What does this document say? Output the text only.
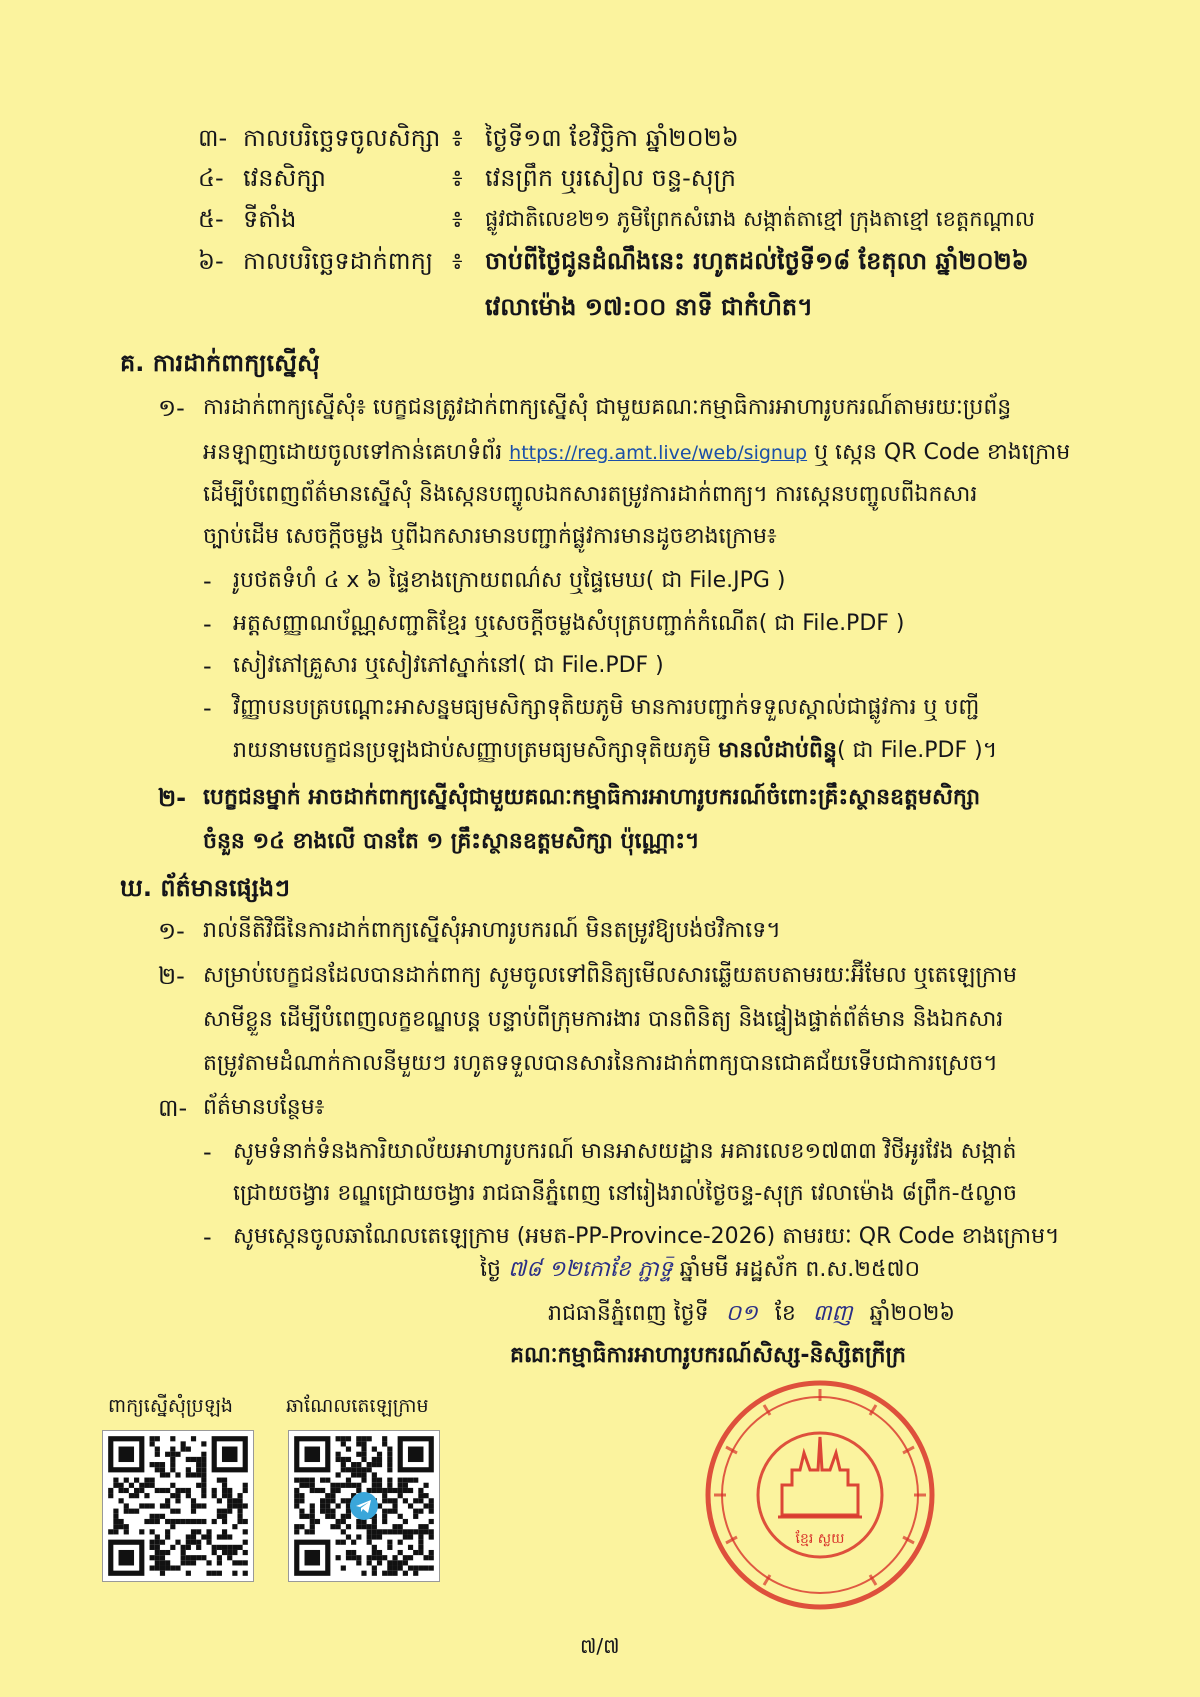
៣- កាលបរិច្ឆេទចូលសិក្សា ៖ ថ្ងៃទី១៣ ខែវិច្ឆិកា ឆ្នាំ២០២៦
៤- វេនសិក្សា	៖ វេនព្រឹក ឬរសៀល ចន្ទ-សុក្រ
៥- ទីតាំង	៖ ផ្លូវជាតិលេខ២១ ភូមិព្រែកសំរោង សង្កាត់តាខ្មៅ ក្រុងតាខ្មៅ ខេត្តកណ្ដាល
៦- កាលបរិច្ឆេទដាក់ពាក្យ ៖ ចាប់ពីថ្ងៃជូនដំណឹងនេះ រហូតដល់ថ្ងៃទី១៨ ខែតុលា ឆ្នាំ២០២៦
វេលាម៉ោង ១៧:០០ នាទី ជាកំហិត។
គ. ការដាក់ពាក្យស្នើសុំ
១- ការដាក់ពាក្យស្នើសុំ៖ បេក្ខជនត្រូវដាក់ពាក្យស្នើសុំ ជាមួយគណៈកម្មាធិការអាហារូបករណ៍តាមរយៈប្រព័ន្ធ
អនឡាញដោយចូលទៅកាន់គេហទំព័រ https://reg.amt.live/web/signup ឬ ស្កេន QR Code ខាងក្រោម
ដើម្បីបំពេញព័ត៌មានស្នើសុំ និងស្កេនបញ្ចូលឯកសារតម្រូវការដាក់ពាក្យ។ ការស្កេនបញ្ចូលពីឯកសារ
ច្បាប់ដើម សេចក្ដីចម្លង ឬពីឯកសារមានបញ្ជាក់ផ្លូវការមានដូចខាងក្រោម៖
- រូបថតទំហំ ៤ x ៦ ផ្ទៃខាងក្រោយពណ៌ស ឬផ្ទៃមេឃ( ជា File.JPG )
- អត្តសញ្ញាណប័ណ្ណសញ្ជាតិខ្មែរ ឬសេចក្ដីចម្លងសំបុត្របញ្ជាក់កំណើត( ជា File.PDF )
- សៀវភៅគ្រួសារ ឬសៀវភៅស្នាក់នៅ( ជា File.PDF )
- វិញ្ញាបនបត្របណ្ដោះអាសន្នមធ្យមសិក្សាទុតិយភូមិ មានការបញ្ជាក់ទទួលស្គាល់ជាផ្លូវការ ឬ បញ្ជី
រាយនាមបេក្ខជនប្រឡងជាប់សញ្ញាបត្រមធ្យមសិក្សាទុតិយភូមិ មានលំដាប់ពិន្ទុ( ជា File.PDF )។
២- បេក្ខជនម្នាក់ អាចដាក់ពាក្យស្នើសុំជាមួយគណៈកម្មាធិការអាហារូបករណ៍ចំពោះគ្រឹះស្ថានឧត្ដមសិក្សា
ចំនួន ១៤ ខាងលើ បានតែ ១ គ្រឹះស្ថានឧត្ដមសិក្សា ប៉ុណ្ណោះ។
ឃ. ព័ត៌មានផ្សេងៗ
១- រាល់នីតិវិធីនៃការដាក់ពាក្យស្នើសុំអាហារូបករណ៍ មិនតម្រូវឱ្យបង់ថវិកាទេ។
២- សម្រាប់បេក្ខជនដែលបានដាក់ពាក្យ សូមចូលទៅពិនិត្យមើលសារឆ្លើយតបតាមរយៈអ៊ីមែល ឬតេឡេក្រាម
សាមីខ្លួន ដើម្បីបំពេញលក្ខខណ្ឌបន្ត បន្ទាប់ពីក្រុមការងារ បានពិនិត្យ និងផ្ទៀងផ្ទាត់ព័ត៌មាន និងឯកសារ
តម្រូវតាមដំណាក់កាលនីមួយៗ រហូតទទួលបានសារនៃការដាក់ពាក្យបានជោគជ័យទើបជាការស្រេច។
៣- ព័ត៌មានបន្ថែម៖
- សូមទំនាក់ទំនងការិយាល័យអាហារូបករណ៍ មានអាសយដ្ឋាន អគារលេខ១៧៣៣ វិថីអូរវែង សង្កាត់
ជ្រោយចង្វារ ខណ្ឌជ្រោយចង្វារ រាជធានីភ្នំពេញ នៅរៀងរាល់ថ្ងៃចន្ទ-សុក្រ វេលាម៉ោង ៨ព្រឹក-៥ល្ងាច
- សូមស្កេនចូលឆាណែលតេឡេក្រាម (អមត-PP-Province-2026) តាមរយៈ QR Code ខាងក្រោម។
ថ្ងៃ ៧៨ ១២កោខែ ភ្ជាទ្ទ៑ ឆ្នាំមមី អដ្ឋស័ក ព.ស.២៥៧០
រាជធានីភ្នំពេញ ថ្ងៃទី ០១ ខែ ៣ញ ឆ្នាំ២០២៦
គណៈកម្មាធិការអាហារូបករណ៍សិស្ស-និស្សិតក្រីក្រ
ខ្មែរ ស្លយ
ពាក្យស្នើសុំប្រឡង	ឆាណែលតេឡេក្រាម
៧/៧
